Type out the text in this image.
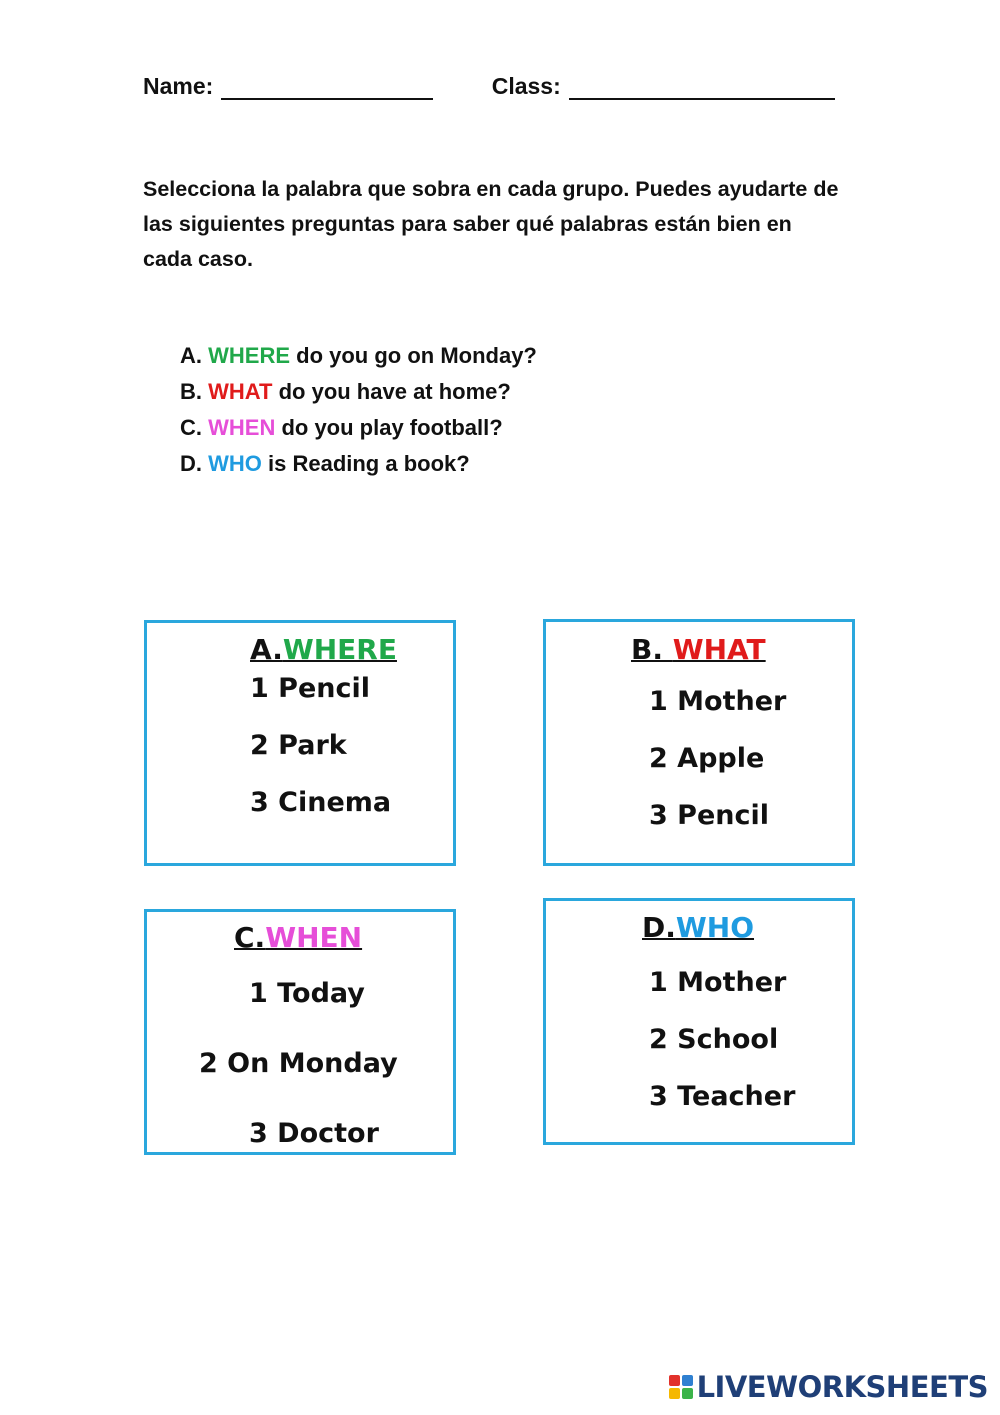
Name:	Class:
Selecciona la palabra que sobra en cada grupo. Puedes ayudarte de las siguientes preguntas para saber qué palabras están bien en cada caso.
A. WHERE do you go on Monday?
B. WHAT do you have at home?
C. WHEN do you play football?
D. WHO is Reading a book?
A.WHERE
1 Pencil
2 Park
3 Cinema
B. WHAT
1 Mother
2 Apple
3 Pencil
C.WHEN
1 Today
2 On Monday
3 Doctor
D.WHO
1 Mother
2 School
3 Teacher
LIVEWORKSHEETS
